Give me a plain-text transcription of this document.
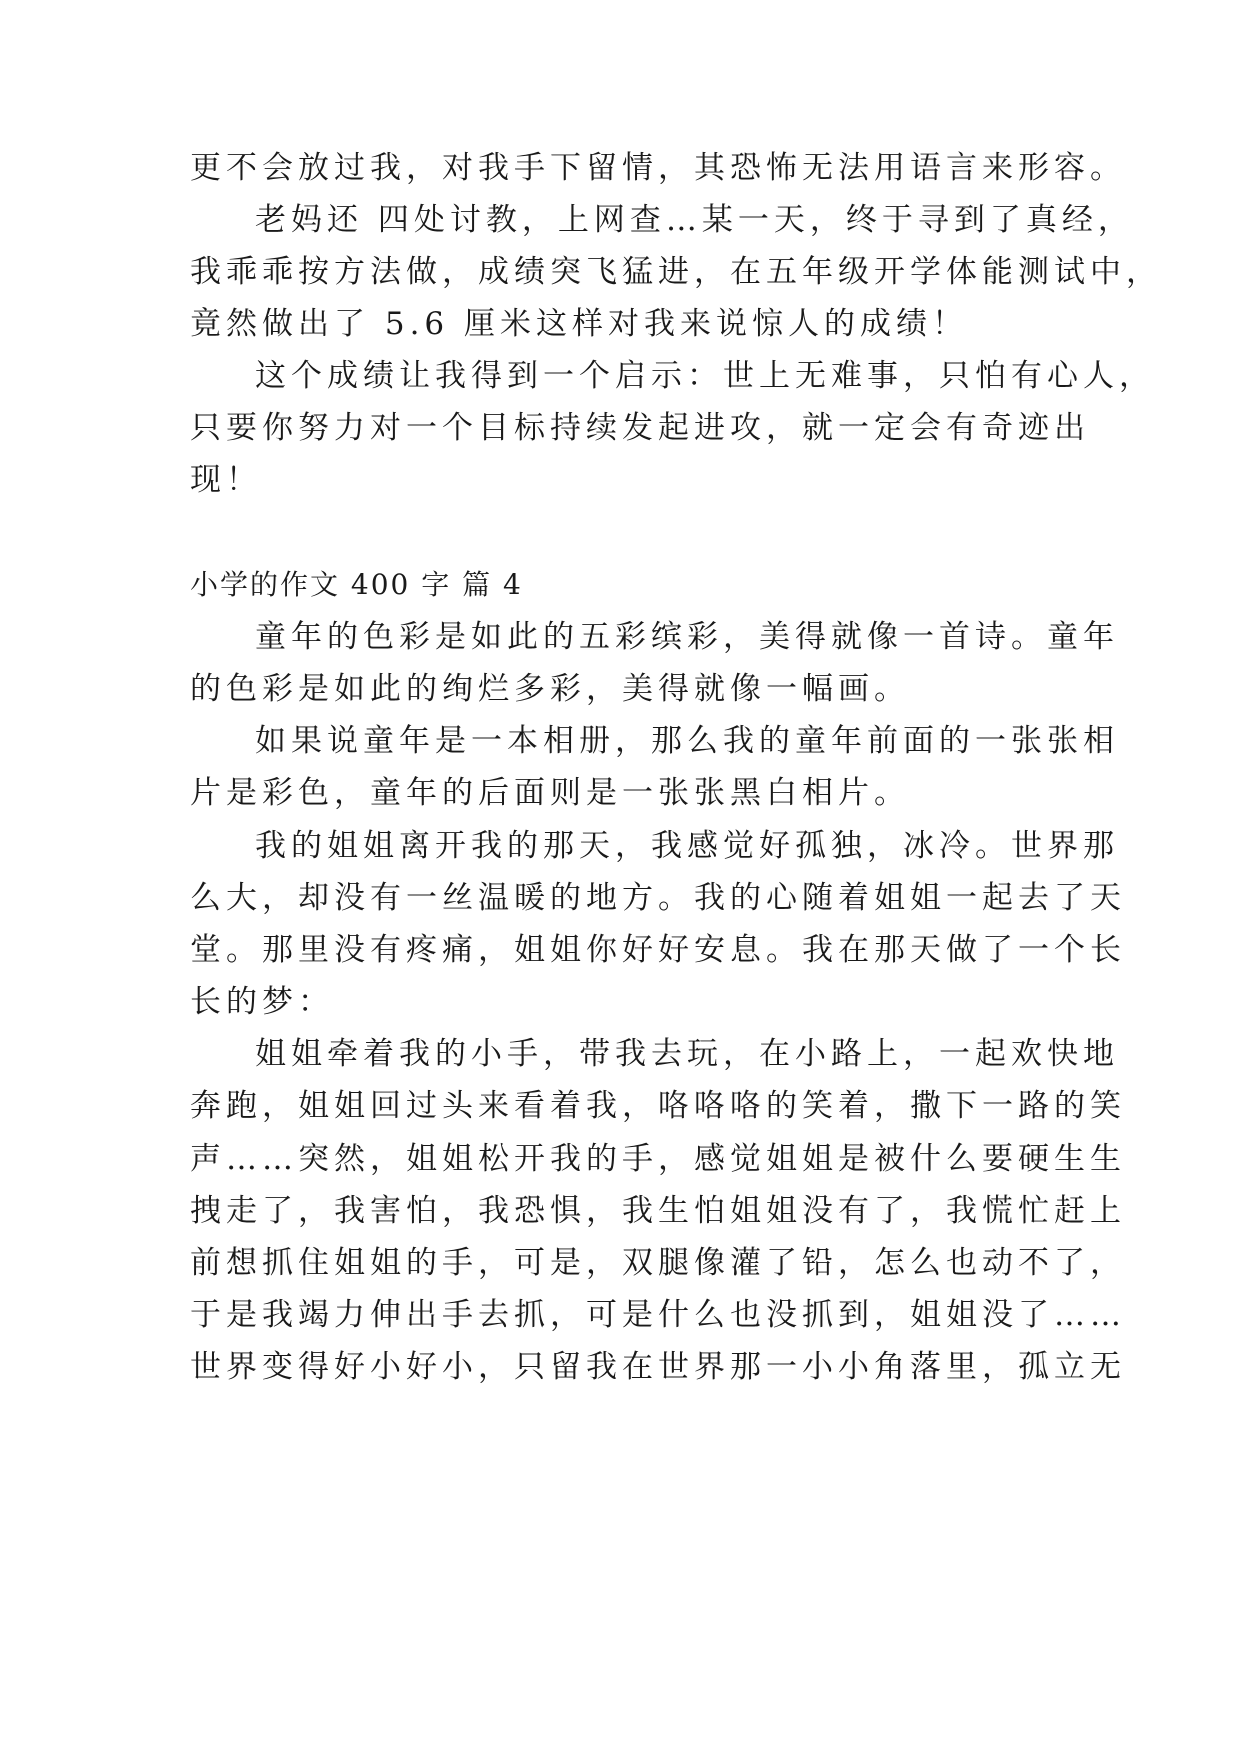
更不会放过我，对我手下留情，其恐怖无法用语言来形容。
老妈还 四处讨教，上网查…某一天，终于寻到了真经，
我乖乖按方法做，成绩突飞猛进，在五年级开学体能测试中，
竟然做出了 5.6 厘米这样对我来说惊人的成绩！
这个成绩让我得到一个启示：世上无难事，只怕有心人，
只要你努力对一个目标持续发起进攻，就一定会有奇迹出
现！
小学的作文 400 字 篇 4
童年的色彩是如此的五彩缤彩，美得就像一首诗。童年
的色彩是如此的绚烂多彩，美得就像一幅画。
如果说童年是一本相册，那么我的童年前面的一张张相
片是彩色，童年的后面则是一张张黑白相片。
我的姐姐离开我的那天，我感觉好孤独，冰冷。世界那
么大，却没有一丝温暖的地方。我的心随着姐姐一起去了天
堂。那里没有疼痛，姐姐你好好安息。我在那天做了一个长
长的梦：
姐姐牵着我的小手，带我去玩，在小路上，一起欢快地
奔跑，姐姐回过头来看着我，咯咯咯的笑着，撒下一路的笑
声……突然，姐姐松开我的手，感觉姐姐是被什么要硬生生
拽走了，我害怕，我恐惧，我生怕姐姐没有了，我慌忙赶上
前想抓住姐姐的手，可是，双腿像灌了铅，怎么也动不了，
于是我竭力伸出手去抓，可是什么也没抓到，姐姐没了……
世界变得好小好小，只留我在世界那一小小角落里，孤立无
